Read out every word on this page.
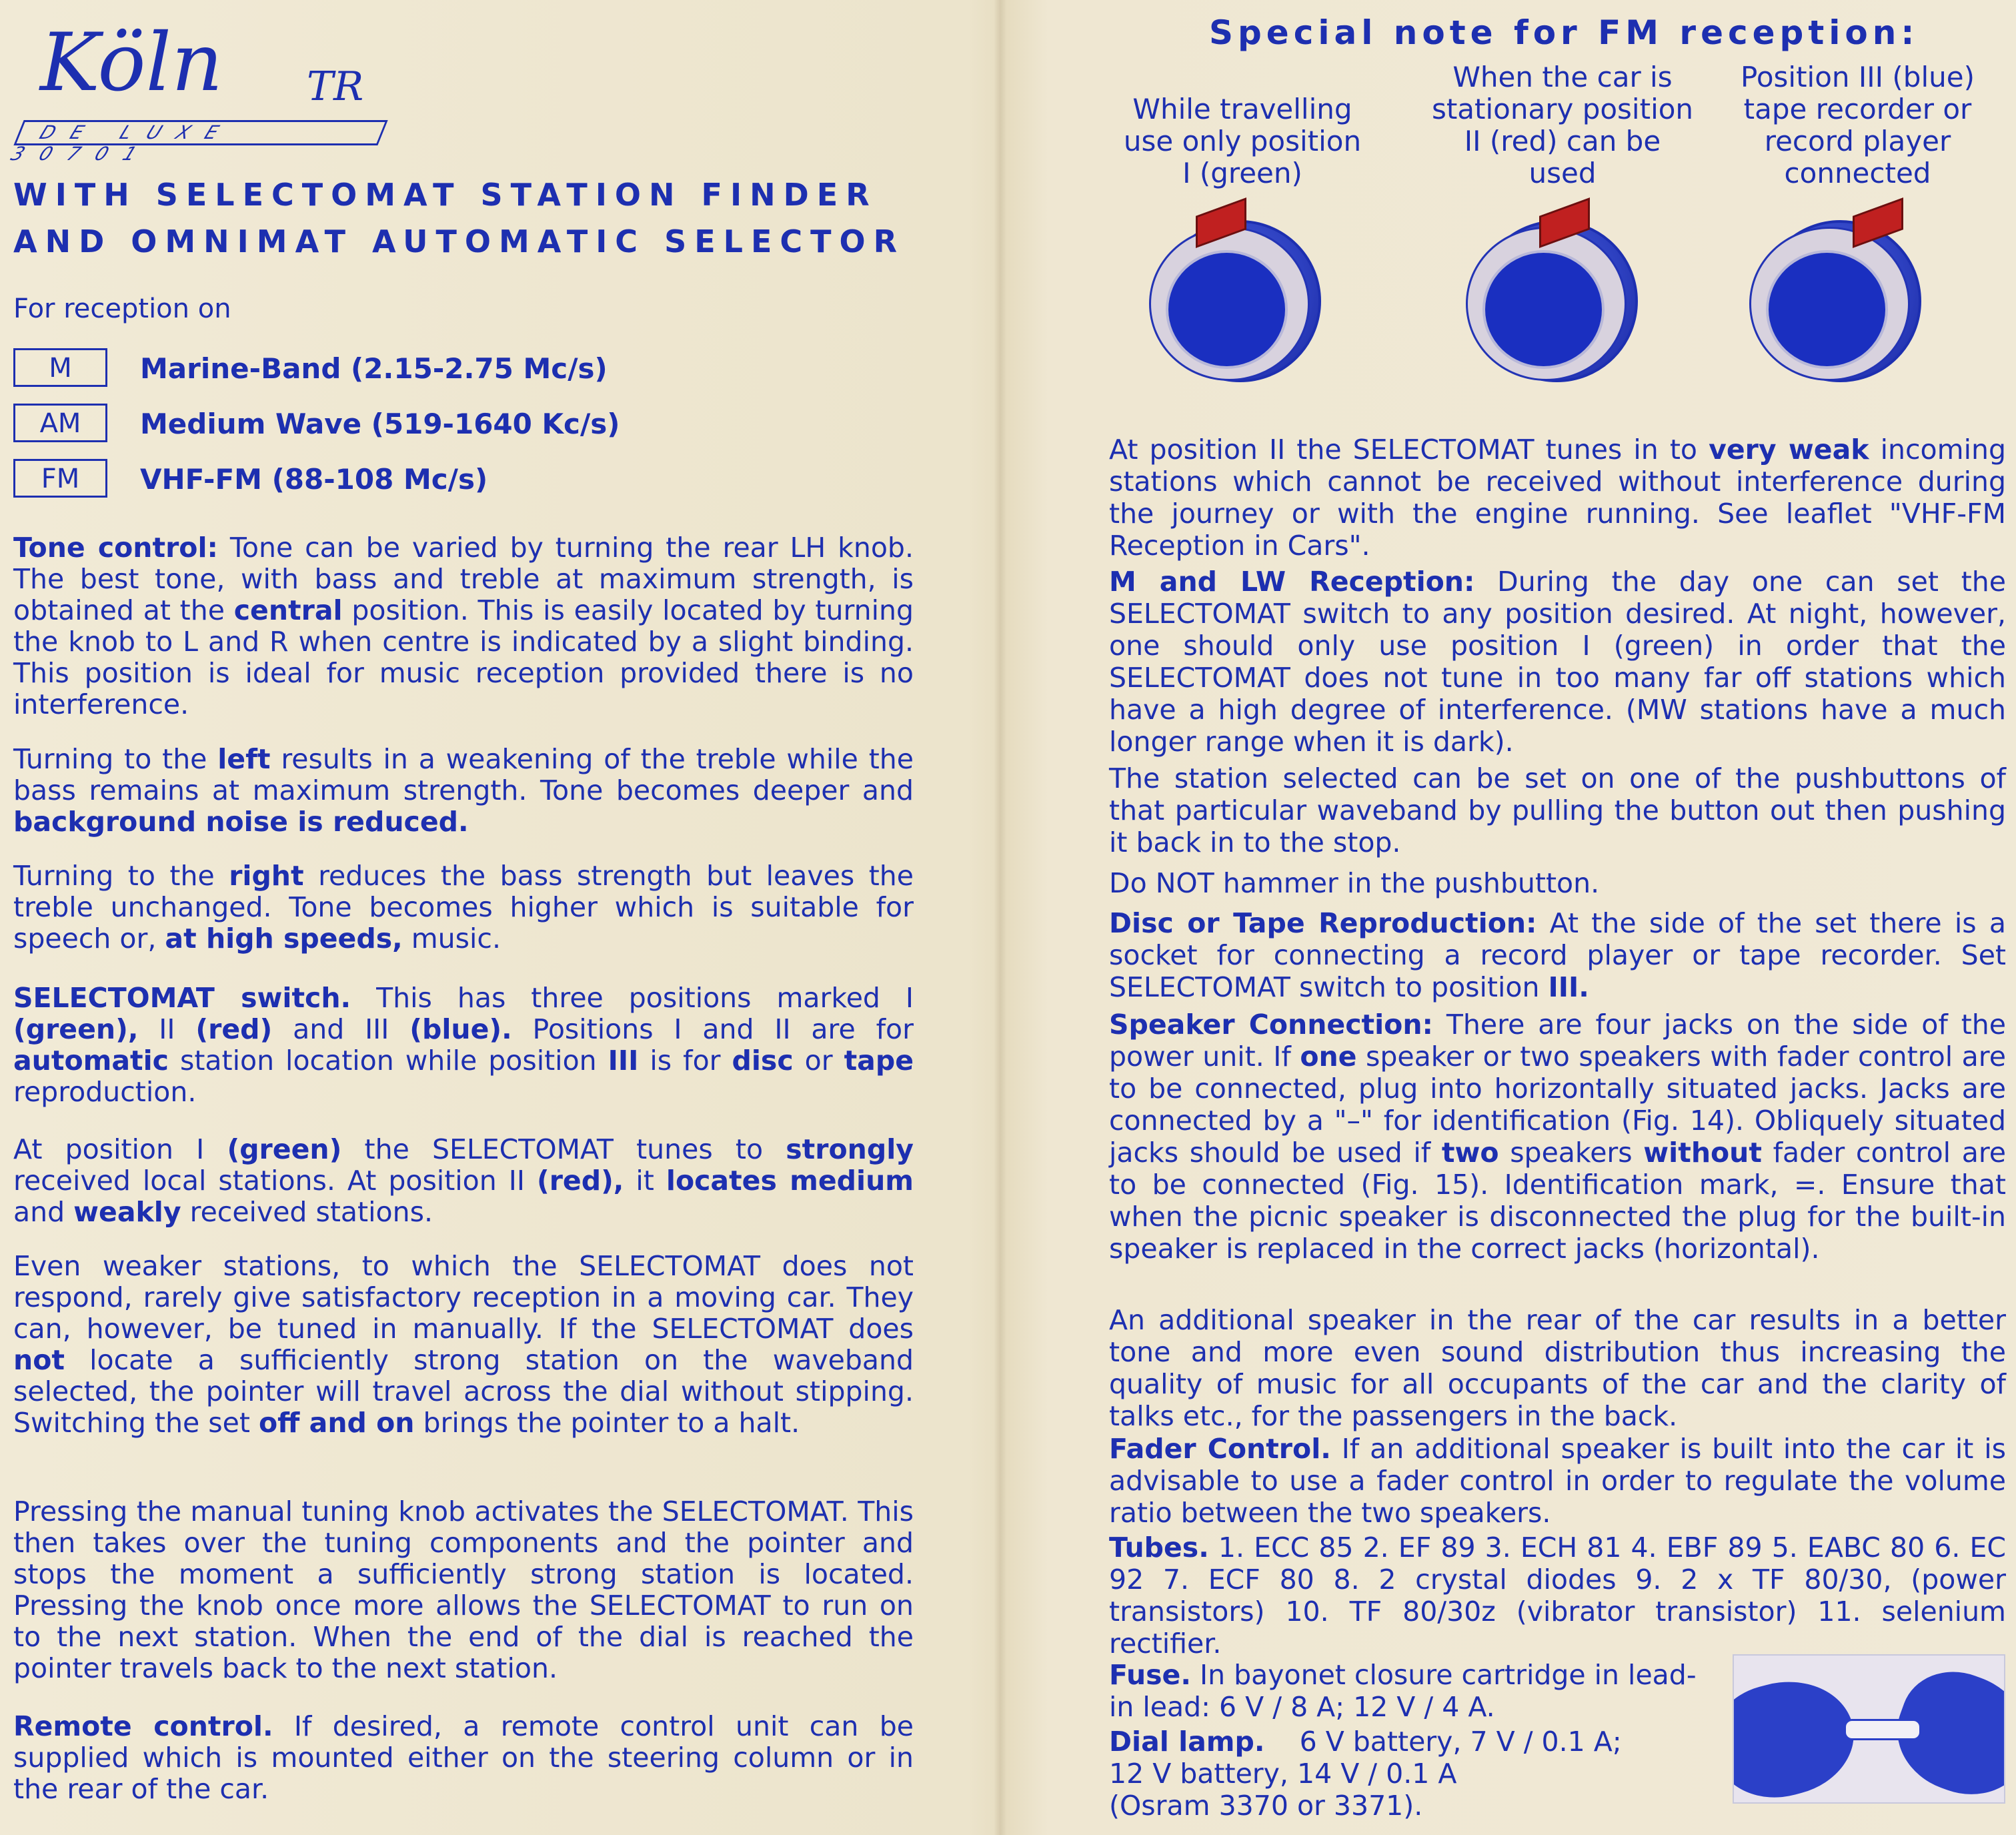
Köln TR
DE LUXE 30701
WITH SELECTOMAT STATION FINDER
AND OMNIMAT AUTOMATIC SELECTOR
For reception on
M	Marine-Band (2.15-2.75 Mc/s)
AM	Medium Wave (519-1640 Kc/s)
FM	VHF-FM (88-108 Mc/s)

Tone control: Tone can be varied by turning the rear LH knob. The best tone, with bass and treble at maximum strength, is obtained at the central position. This is easily located by turning the knob to L and R when centre is indicated by a slight binding. This position is ideal for music reception provided there is no interference.

Turning to the left results in a weakening of the treble while the bass remains at maximum strength. Tone becomes deeper and background noise is reduced.

Turning to the right reduces the bass strength but leaves the treble unchanged. Tone becomes higher which is suitable for speech or, at high speeds, music.

SELECTOMAT switch. This has three positions marked I (green), II (red) and III (blue). Positions I and II are for automatic station location while position III is for disc or tape reproduction.

At position I (green) the SELECTOMAT tunes to strongly received local stations. At position II (red), it locates medium and weakly received stations.

Even weaker stations, to which the SELECTOMAT does not respond, rarely give satisfactory reception in a moving car. They can, however, be tuned in manually. If the SELECTOMAT does not locate a sufficiently strong station on the waveband selected, the pointer will travel across the dial without stipping. Switching the set off and on brings the pointer to a halt.

Pressing the manual tuning knob activates the SELECTOMAT. This then takes over the tuning components and the pointer and stops the moment a sufficiently strong station is located. Pressing the knob once more allows the SELECTOMAT to run on to the next station. When the end of the dial is reached the pointer travels back to the next station.

Remote control. If desired, a remote control unit can be supplied which is mounted either on the steering column or in the rear of the car.

Special note for FM reception:
While travelling use only position I (green)
When the car is stationary position II (red) can be used
Position III (blue) tape recorder or record player connected

At position II the SELECTOMAT tunes in to very weak incoming stations which cannot be received without interference during the journey or with the engine running. See leaflet "VHF-FM Reception in Cars".

M and LW Reception: During the day one can set the SELECTOMAT switch to any position desired. At night, however, one should only use position I (green) in order that the SELECTOMAT does not tune in too many far off stations which have a high degree of interference. (MW stations have a much longer range when it is dark).

The station selected can be set on one of the pushbuttons of that particular waveband by pulling the button out then pushing it back in to the stop.

Do NOT hammer in the pushbutton.

Disc or Tape Reproduction: At the side of the set there is a socket for connecting a record player or tape recorder. Set SELECTOMAT switch to position III.

Speaker Connection: There are four jacks on the side of the power unit. If one speaker or two speakers with fader control are to be connected, plug into horizontally situated jacks. Jacks are connected by a "–" for identification (Fig. 14). Obliquely situated jacks should be used if two speakers without fader control are to be connected (Fig. 15). Identification mark, =. Ensure that when the picnic speaker is disconnected the plug for the built-in speaker is replaced in the correct jacks (horizontal).

An additional speaker in the rear of the car results in a better tone and more even sound distribution thus increasing the quality of music for all occupants of the car and the clarity of talks etc., for the passengers in the back.

Fader Control. If an additional speaker is built into the car it is advisable to use a fader control in order to regulate the volume ratio between the two speakers.

Tubes. 1. ECC 85 2. EF 89 3. ECH 81 4. EBF 89 5. EABC 80 6. EC 92 7. ECF 80 8. 2 crystal diodes 9. 2 x TF 80/30, (power transistors) 10. TF 80/30z (vibrator transistor) 11. selenium rectifier.

Fuse. In bayonet closure cartridge in lead-in lead: 6 V / 8 A; 12 V / 4 A.

Dial lamp.    6 V battery, 7 V / 0.1 A;
12 V battery, 14 V / 0.1 A
(Osram 3370 or 3371).
